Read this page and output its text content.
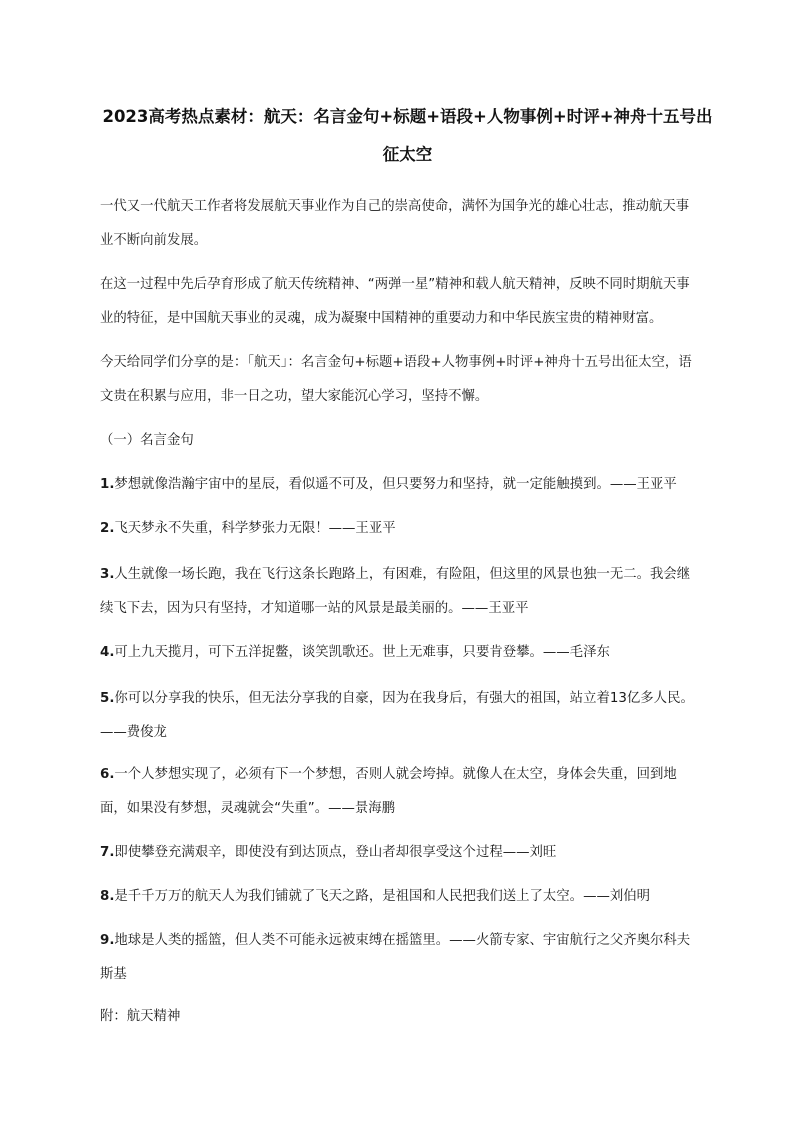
2023高考热点素材：航天：名言金句+标题+语段+人物事例+时评+神舟十五号出征太空

一代又一代航天工作者将发展航天事业作为自己的崇高使命，满怀为国争光的雄心壮志，推动航天事业不断向前发展。

在这一过程中先后孕育形成了航天传统精神、“两弹一星”精神和载人航天精神，反映不同时期航天事业的特征，是中国航天事业的灵魂，成为凝聚中国精神的重要动力和中华民族宝贵的精神财富。

今天给同学们分享的是：「航天」：名言金句+标题+语段+人物事例+时评+神舟十五号出征太空，语文贵在积累与应用，非一日之功，望大家能沉心学习，坚持不懈。

（一）名言金句

1.梦想就像浩瀚宇宙中的星辰，看似遥不可及，但只要努力和坚持，就一定能触摸到。——王亚平

2.飞天梦永不失重，科学梦张力无限！——王亚平

3.人生就像一场长跑，我在飞行这条长跑路上，有困难，有险阻，但这里的风景也独一无二。我会继续飞下去，因为只有坚持，才知道哪一站的风景是最美丽的。——王亚平

4.可上九天揽月，可下五洋捉鳖，谈笑凯歌还。世上无难事，只要肯登攀。——毛泽东

5.你可以分享我的快乐，但无法分享我的自豪，因为在我身后，有强大的祖国，站立着13亿多人民。——费俊龙

6.一个人梦想实现了，必须有下一个梦想，否则人就会垮掉。就像人在太空，身体会失重，回到地面，如果没有梦想，灵魂就会“失重”。——景海鹏

7.即使攀登充满艰辛，即使没有到达顶点，登山者却很享受这个过程——刘旺

8.是千千万万的航天人为我们铺就了飞天之路，是祖国和人民把我们送上了太空。——刘伯明

9.地球是人类的摇篮，但人类不可能永远被束缚在摇篮里。——火箭专家、宇宙航行之父齐奥尔科夫斯基

附：航天精神
